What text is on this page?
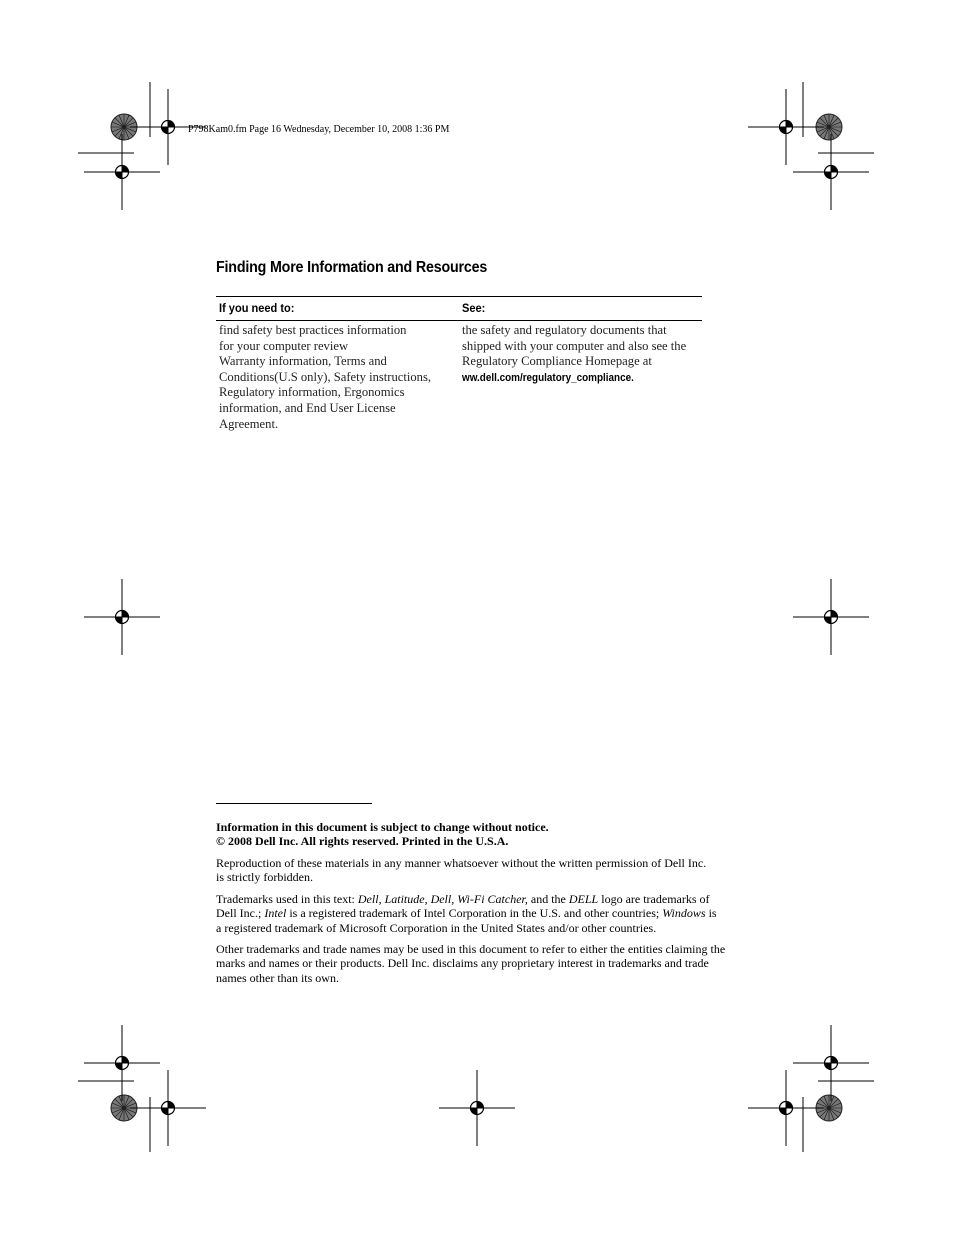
P798Kam0.fm Page 16 Wednesday, December 10, 2008 1:36 PM
Finding More Information and Resources
If you need to:	See:
find safety best practices information
for your computer review
Warranty information, Terms and
Conditions(U.S only), Safety instructions,
Regulatory information, Ergonomics
information, and End User License
Agreement.
the safety and regulatory documents that
shipped with your computer and also see the
Regulatory Compliance Homepage at
ww.dell.com/regulatory_compliance.
Information in this document is subject to change without notice.
© 2008 Dell Inc. All rights reserved. Printed in the U.S.A.
Reproduction of these materials in any manner whatsoever without the written permission of Dell Inc.
is strictly forbidden.
Trademarks used in this text: Dell, Latitude, Dell, Wi-Fi Catcher, and the DELL logo are trademarks of
Dell Inc.; Intel is a registered trademark of Intel Corporation in the U.S. and other countries; Windows is
a registered trademark of Microsoft Corporation in the United States and/or other countries.
Other trademarks and trade names may be used in this document to refer to either the entities claiming the
marks and names or their products. Dell Inc. disclaims any proprietary interest in trademarks and trade
names other than its own.
